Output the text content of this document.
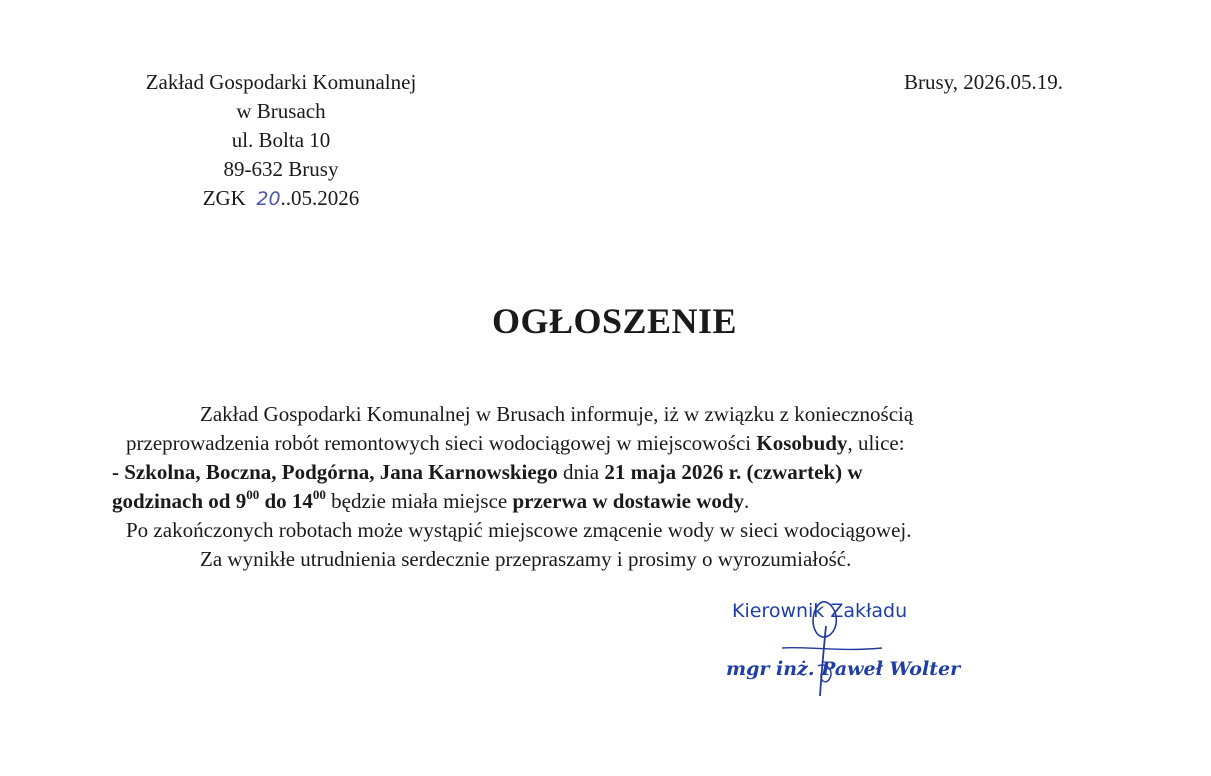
Zakład Gospodarki Komunalnej
w Brusach
ul. Bolta 10
89-632 Brusy
ZGK 20..05.2026
Brusy, 2026.05.19.
OGŁOSZENIE
Zakład Gospodarki Komunalnej w Brusach informuje, iż w związku z koniecznością
przeprowadzenia robót remontowych sieci wodociągowej w miejscowości Kosobudy, ulice:
- Szkolna, Boczna, Podgórna, Jana Karnowskiego dnia 21 maja 2026 r. (czwartek) w
godzinach od $9^{00}$ do $14^{00}$ będzie miała miejsce przerwa w dostawie wody.
Po zakończonych robotach może wystąpić miejscowe zmącenie wody w sieci wodociągowej.
Za wynikłe utrudnienia serdecznie przepraszamy i prosimy o wyrozumiałość.
Kierownik Zakładu
mgr inż. Paweł Wolter
